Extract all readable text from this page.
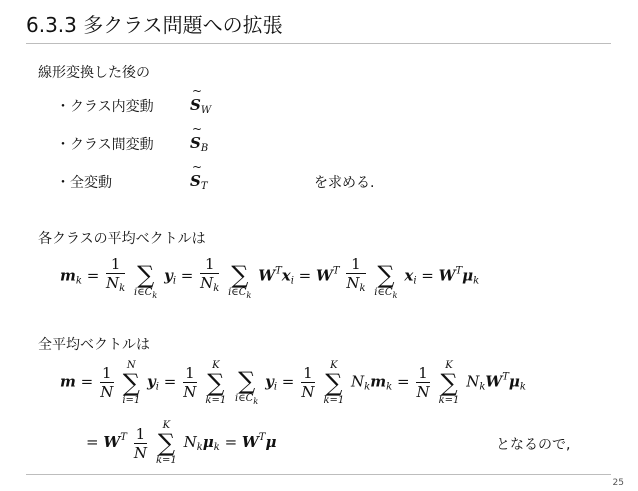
6.3.3 多クラス問題への拡張
線形変換した後の
・クラス内変動 ~ $S_W$
・クラス間変動 ~ $S_B$
・全変動	~ $S_T$	を求める.
各クラスの平均ベクトルは
$m_k = \frac{1}{N_k}$

∑
$i\in C_k$
$y_i = \frac{1}{N_k}$

∑
$i\in C_k$
$W^Tx_i = W^T \frac{1}{N_k}$

∑
$i\in C_k$
$x_i = W^T\mu_k$
全平均ベクトルは
$m = \frac{1}{N}$
	N
∑
i=1
$y_i = \frac{1}{N}$
	K
∑
k=1

∑
$i\in C_k$
$y_i = \frac{1}{N}$
	K
∑
k=1
$N_km_k = \frac{1}{N}$
	K
∑
k=1
$N_kW^T\mu_k$
= $W^T \frac{1}{N}$
	K
∑
k=1
$N_k\mu_k = W^T\mu$	となるので,
25
